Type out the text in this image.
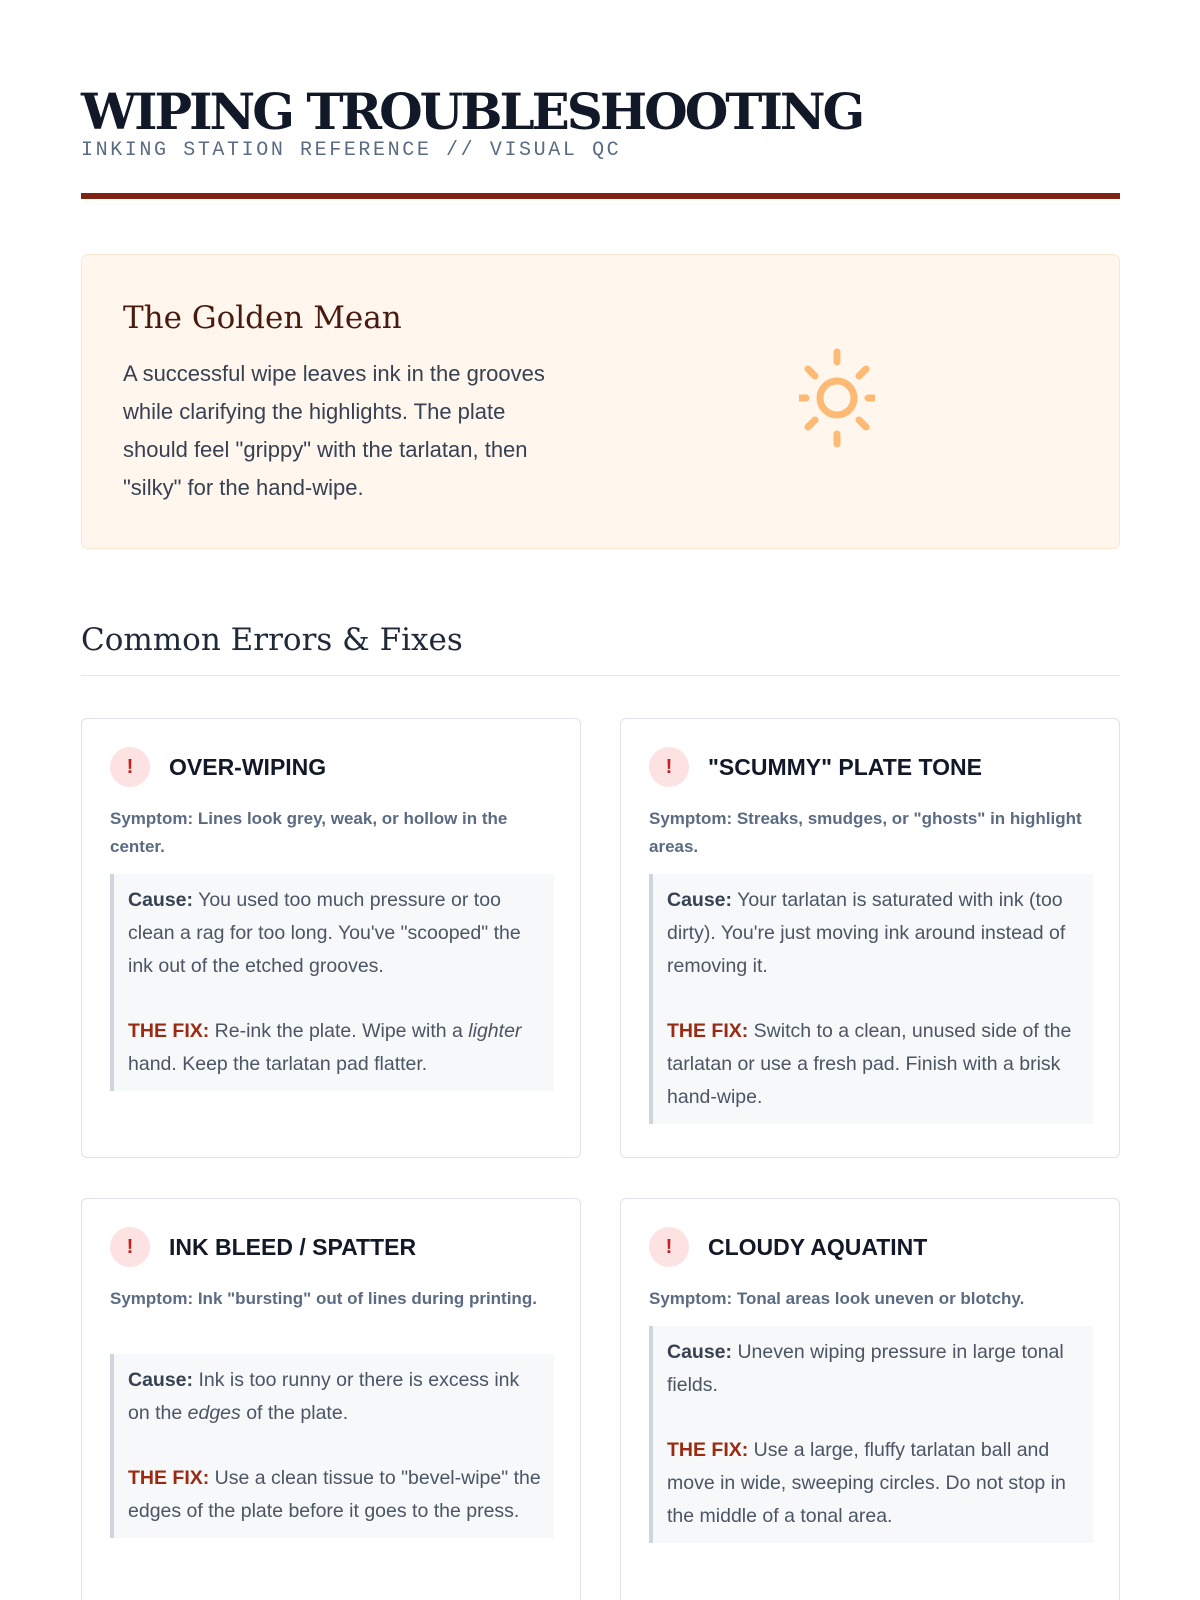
WIPING TROUBLESHOOTING
INKING STATION REFERENCE // VISUAL QC
The Golden Mean
A successful wipe leaves ink in the grooves while clarifying the highlights. The plate should feel "grippy" with the tarlatan, then "silky" for the hand-wipe.
Common Errors & Fixes
!	OVER-WIPING
Symptom: Lines look grey, weak, or hollow in the center.
Cause: You used too much pressure or too clean a rag for too long. You've "scooped" the ink out of the etched grooves.
THE FIX: Re-ink the plate. Wipe with a lighter hand. Keep the tarlatan pad flatter.
!	"SCUMMY" PLATE TONE
Symptom: Streaks, smudges, or "ghosts" in highlight areas.
Cause: Your tarlatan is saturated with ink (too dirty). You're just moving ink around instead of removing it.
THE FIX: Switch to a clean, unused side of the tarlatan or use a fresh pad. Finish with a brisk hand-wipe.
!	INK BLEED / SPATTER
Symptom: Ink "bursting" out of lines during printing.
Cause: Ink is too runny or there is excess ink on the edges of the plate.
THE FIX: Use a clean tissue to "bevel-wipe" the edges of the plate before it goes to the press.
!	CLOUDY AQUATINT
Symptom: Tonal areas look uneven or blotchy.
Cause: Uneven wiping pressure in large tonal fields.
THE FIX: Use a large, fluffy tarlatan ball and move in wide, sweeping circles. Do not stop in the middle of a tonal area.
